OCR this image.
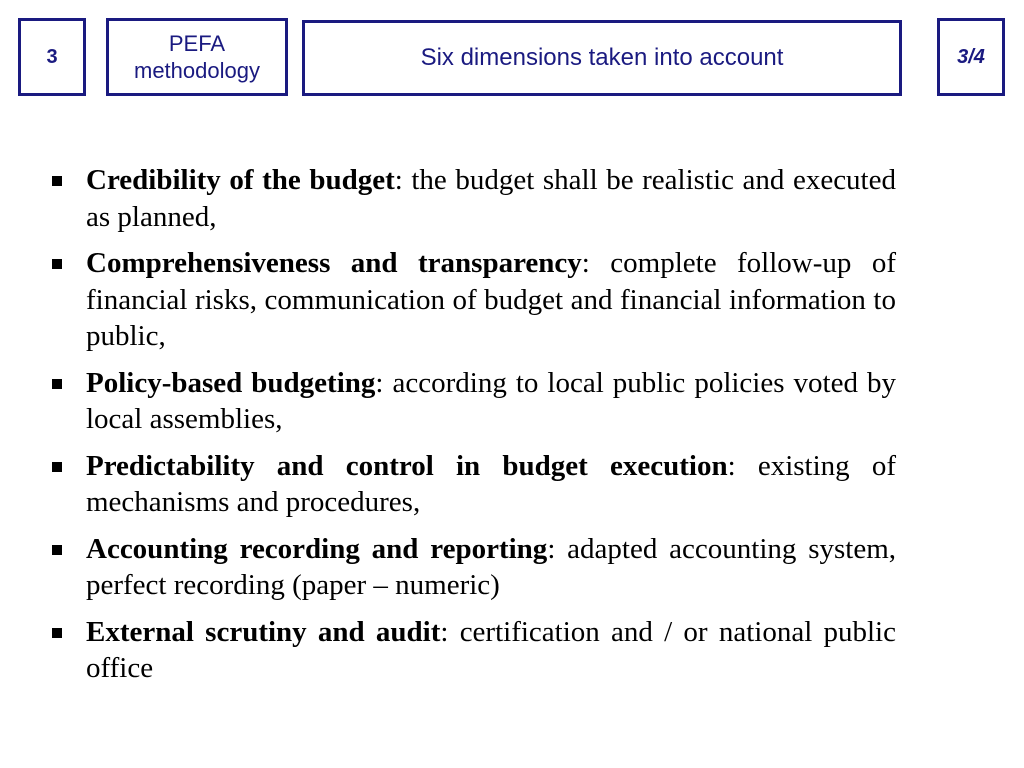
3
PEFA
methodology	Six dimensions taken into account	3/4
Credibility of the budget: the budget shall be realistic and executed as planned,
Comprehensiveness and transparency: complete follow-up of financial risks, communication of budget and financial information to public,
Policy-based budgeting: according to local public policies voted by local assemblies,
Predictability and control in budget execution: existing of mechanisms and procedures,
Accounting recording and reporting: adapted accounting system, perfect recording (paper – numeric)
External scrutiny and audit: certification and / or national public office
